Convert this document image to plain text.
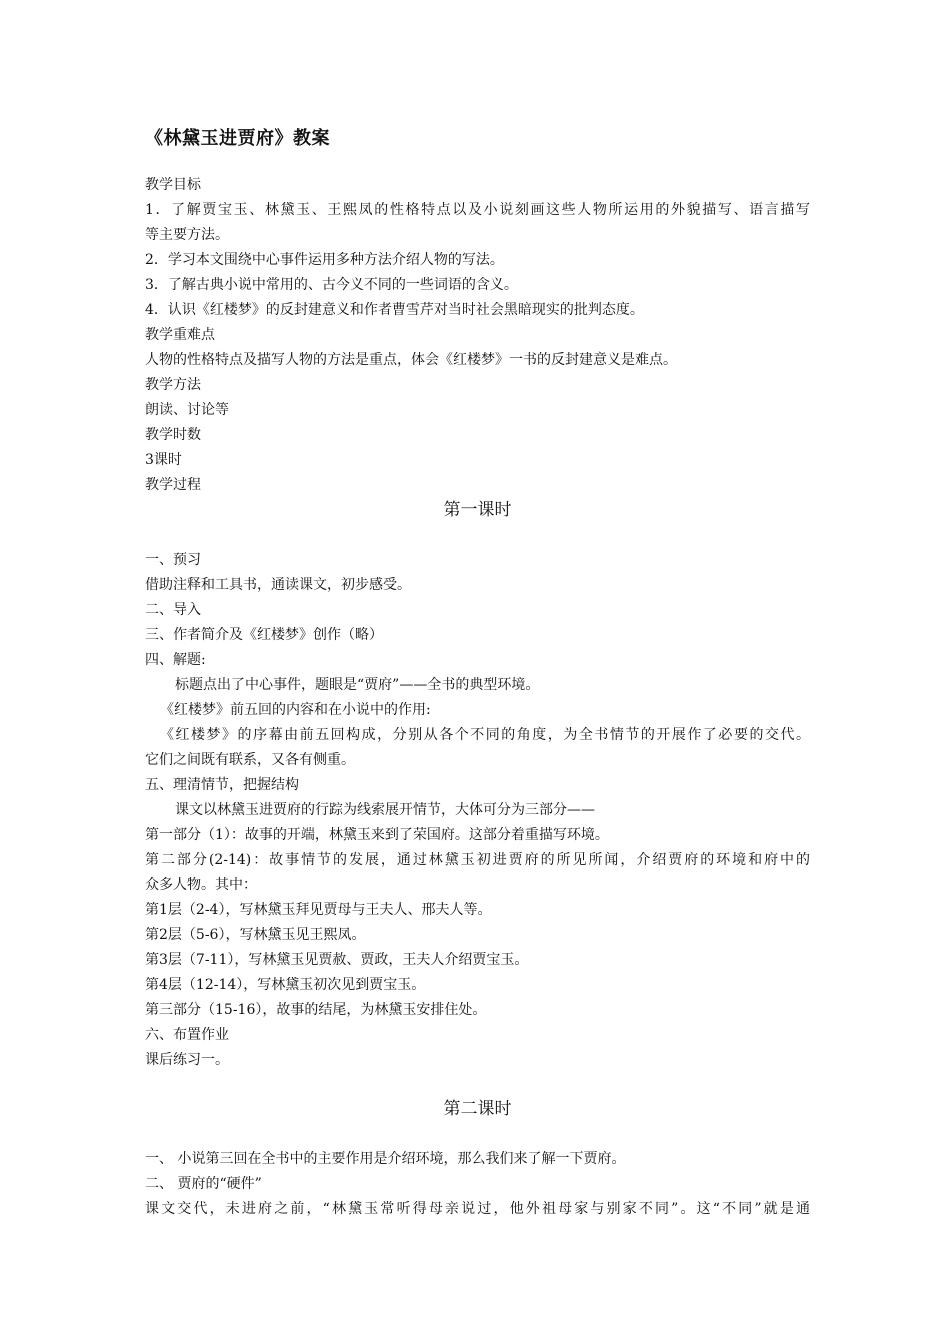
《林黛玉进贾府》教案
教学目标
1．了解贾宝玉、林黛玉、王熙凤的性格特点以及小说刻画这些人物所运用的外貌描写、语言描写
等主要方法。
2．学习本文围绕中心事件运用多种方法介绍人物的写法。
3．了解古典小说中常用的、古今义不同的一些词语的含义。
4．认识《红楼梦》的反封建意义和作者曹雪芹对当时社会黑暗现实的批判态度。
教学重难点
人物的性格特点及描写人物的方法是重点，体会《红楼梦》一书的反封建意义是难点。
教学方法
朗读、讨论等
教学时数
3课时
教学过程
第一课时
一、预习
借助注释和工具书，通读课文，初步感受。
二、导入
三、作者简介及《红楼梦》创作（略）
四、解题:
标题点出了中心事件，题眼是“贾府”——全书的典型环境。
《红楼梦》前五回的内容和在小说中的作用:
《红楼梦》的序幕由前五回构成，分别从各个不同的角度，为全书情节的开展作了必要的交代。
它们之间既有联系，又各有侧重。
五、理清情节，把握结构
课文以林黛玉进贾府的行踪为线索展开情节，大体可分为三部分——
第一部分（1）：故事的开端，林黛玉来到了荣国府。这部分着重描写环境。
第二部分(2-14)：故事情节的发展，通过林黛玉初进贾府的所见所闻，介绍贾府的环境和府中的
众多人物。其中：
第1层（2-4），写林黛玉拜见贾母与王夫人、邢夫人等。
第2层（5-6），写林黛玉见王熙凤。
第3层（7-11），写林黛玉见贾赦、贾政，王夫人介绍贾宝玉。
第4层（12-14），写林黛玉初次见到贾宝玉。
第三部分（15-16），故事的结尾，为林黛玉安排住处。
六、布置作业
课后练习一。
第二课时
一、 小说第三回在全书中的主要作用是介绍环境，那么我们来了解一下贾府。
二、 贾府的“硬件”
课文交代，未进府之前，“林黛玉常听得母亲说过，他外祖母家与别家不同”。这“不同”就是通
